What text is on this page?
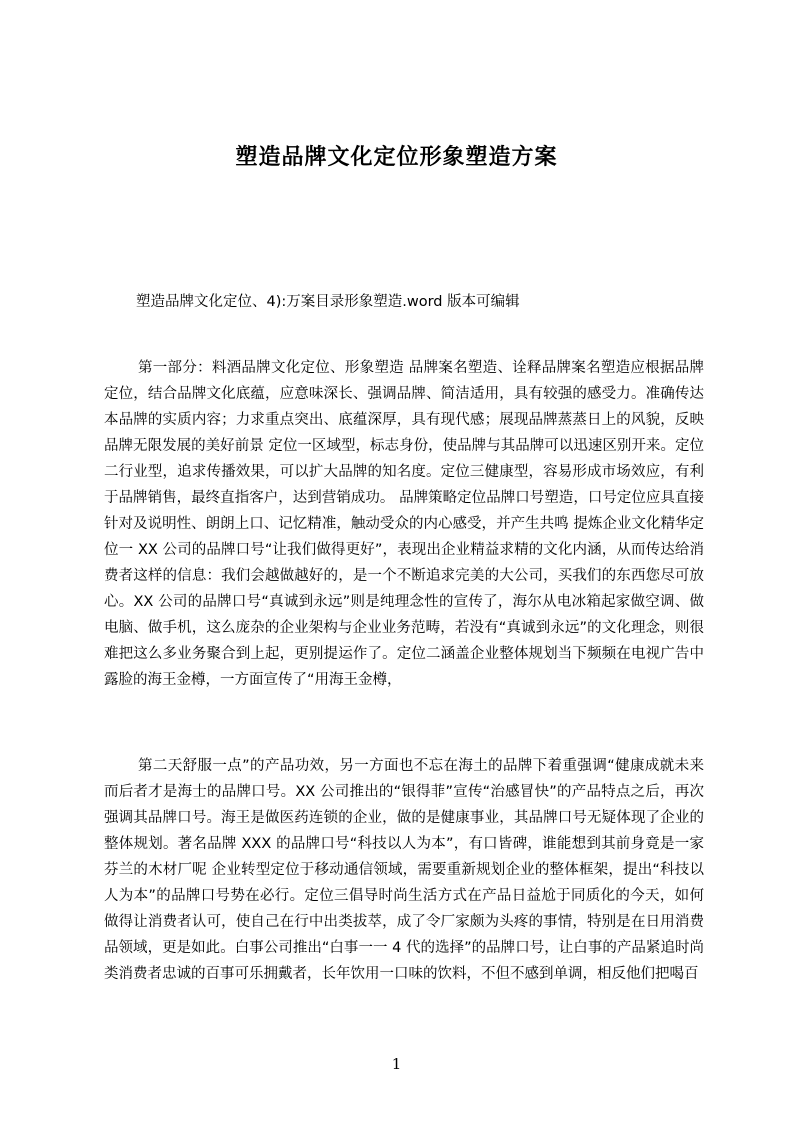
塑造品牌文化定位形象塑造方案
塑造品牌文化定位、4):万案目录形象塑造.word 版本可编辑

第一部分：料酒品牌文化定位、形象塑造 品牌案名塑造、诠释品牌案名塑造应根据品牌定位，结合品牌文化底蕴，应意味深长、强调品牌、简洁适用，具有较强的感受力。准确传达本品牌的实质内容；力求重点突出、底蕴深厚，具有现代感；展现品牌蒸蒸日上的风貌，反映品牌无限发展的美好前景 定位一区域型，标志身份，使品牌与其品牌可以迅速区别开来。定位二行业型，追求传播效果，可以扩大品牌的知名度。定位三健康型，容易形成市场效应，有利于品牌销售，最终直指客户，达到营销成功。 品牌策略定位品牌口号塑造，口号定位应具直接针对及说明性、朗朗上口、记忆精准，触动受众的内心感受，并产生共鸣 提炼企业文化精华定位一 XX 公司的品牌口号“让我们做得更好”，表现出企业精益求精的文化内涵，从而传达给消费者这样的信息：我们会越做越好的，是一个不断追求完美的大公司，买我们的东西您尽可放心。XX 公司的品牌口号“真诚到永远”则是纯理念性的宣传了，海尔从电冰箱起家做空调、做电脑、做手机，这么庞杂的企业架构与企业业务范畴，若没有“真诚到永远”的文化理念，则很难把这么多业务聚合到上起，更别提运作了。定位二涵盖企业整体规划当下频频在电视广告中露脸的海王金樽，一方面宣传了“用海王金樽，

第二天舒服一点”的产品功效，另一方面也不忘在海土的品牌下着重强调“健康成就未来而后者才是海士的品牌口号。XX 公司推出的“银得菲”宣传“治感冒快”的产品特点之后，再次强调其品牌口号。海王是做医药连锁的企业，做的是健康事业，其品牌口号无疑体现了企业的整体规划。著名品牌 XXX 的品牌口号“科技以人为本”，有口皆碑，谁能想到其前身竟是一家芬兰的木材厂呢 企业转型定位于移动通信领域，需要重新规划企业的整体框架，提出“科技以人为本”的品牌口号势在必行。定位三倡导时尚生活方式在产品日益尬于同质化的今天，如何做得让消费者认可，使自己在行中出类拔萃，成了令厂家颇为头疼的事情，特别是在日用消费品领域，更是如此。白事公司推出“白事一一 4 代的选择”的品牌口号，让白事的产品紧追时尚类消费者忠诚的百事可乐拥戴者，长年饮用一口味的饮料，不但不感到单调，相反他们把喝百

1
